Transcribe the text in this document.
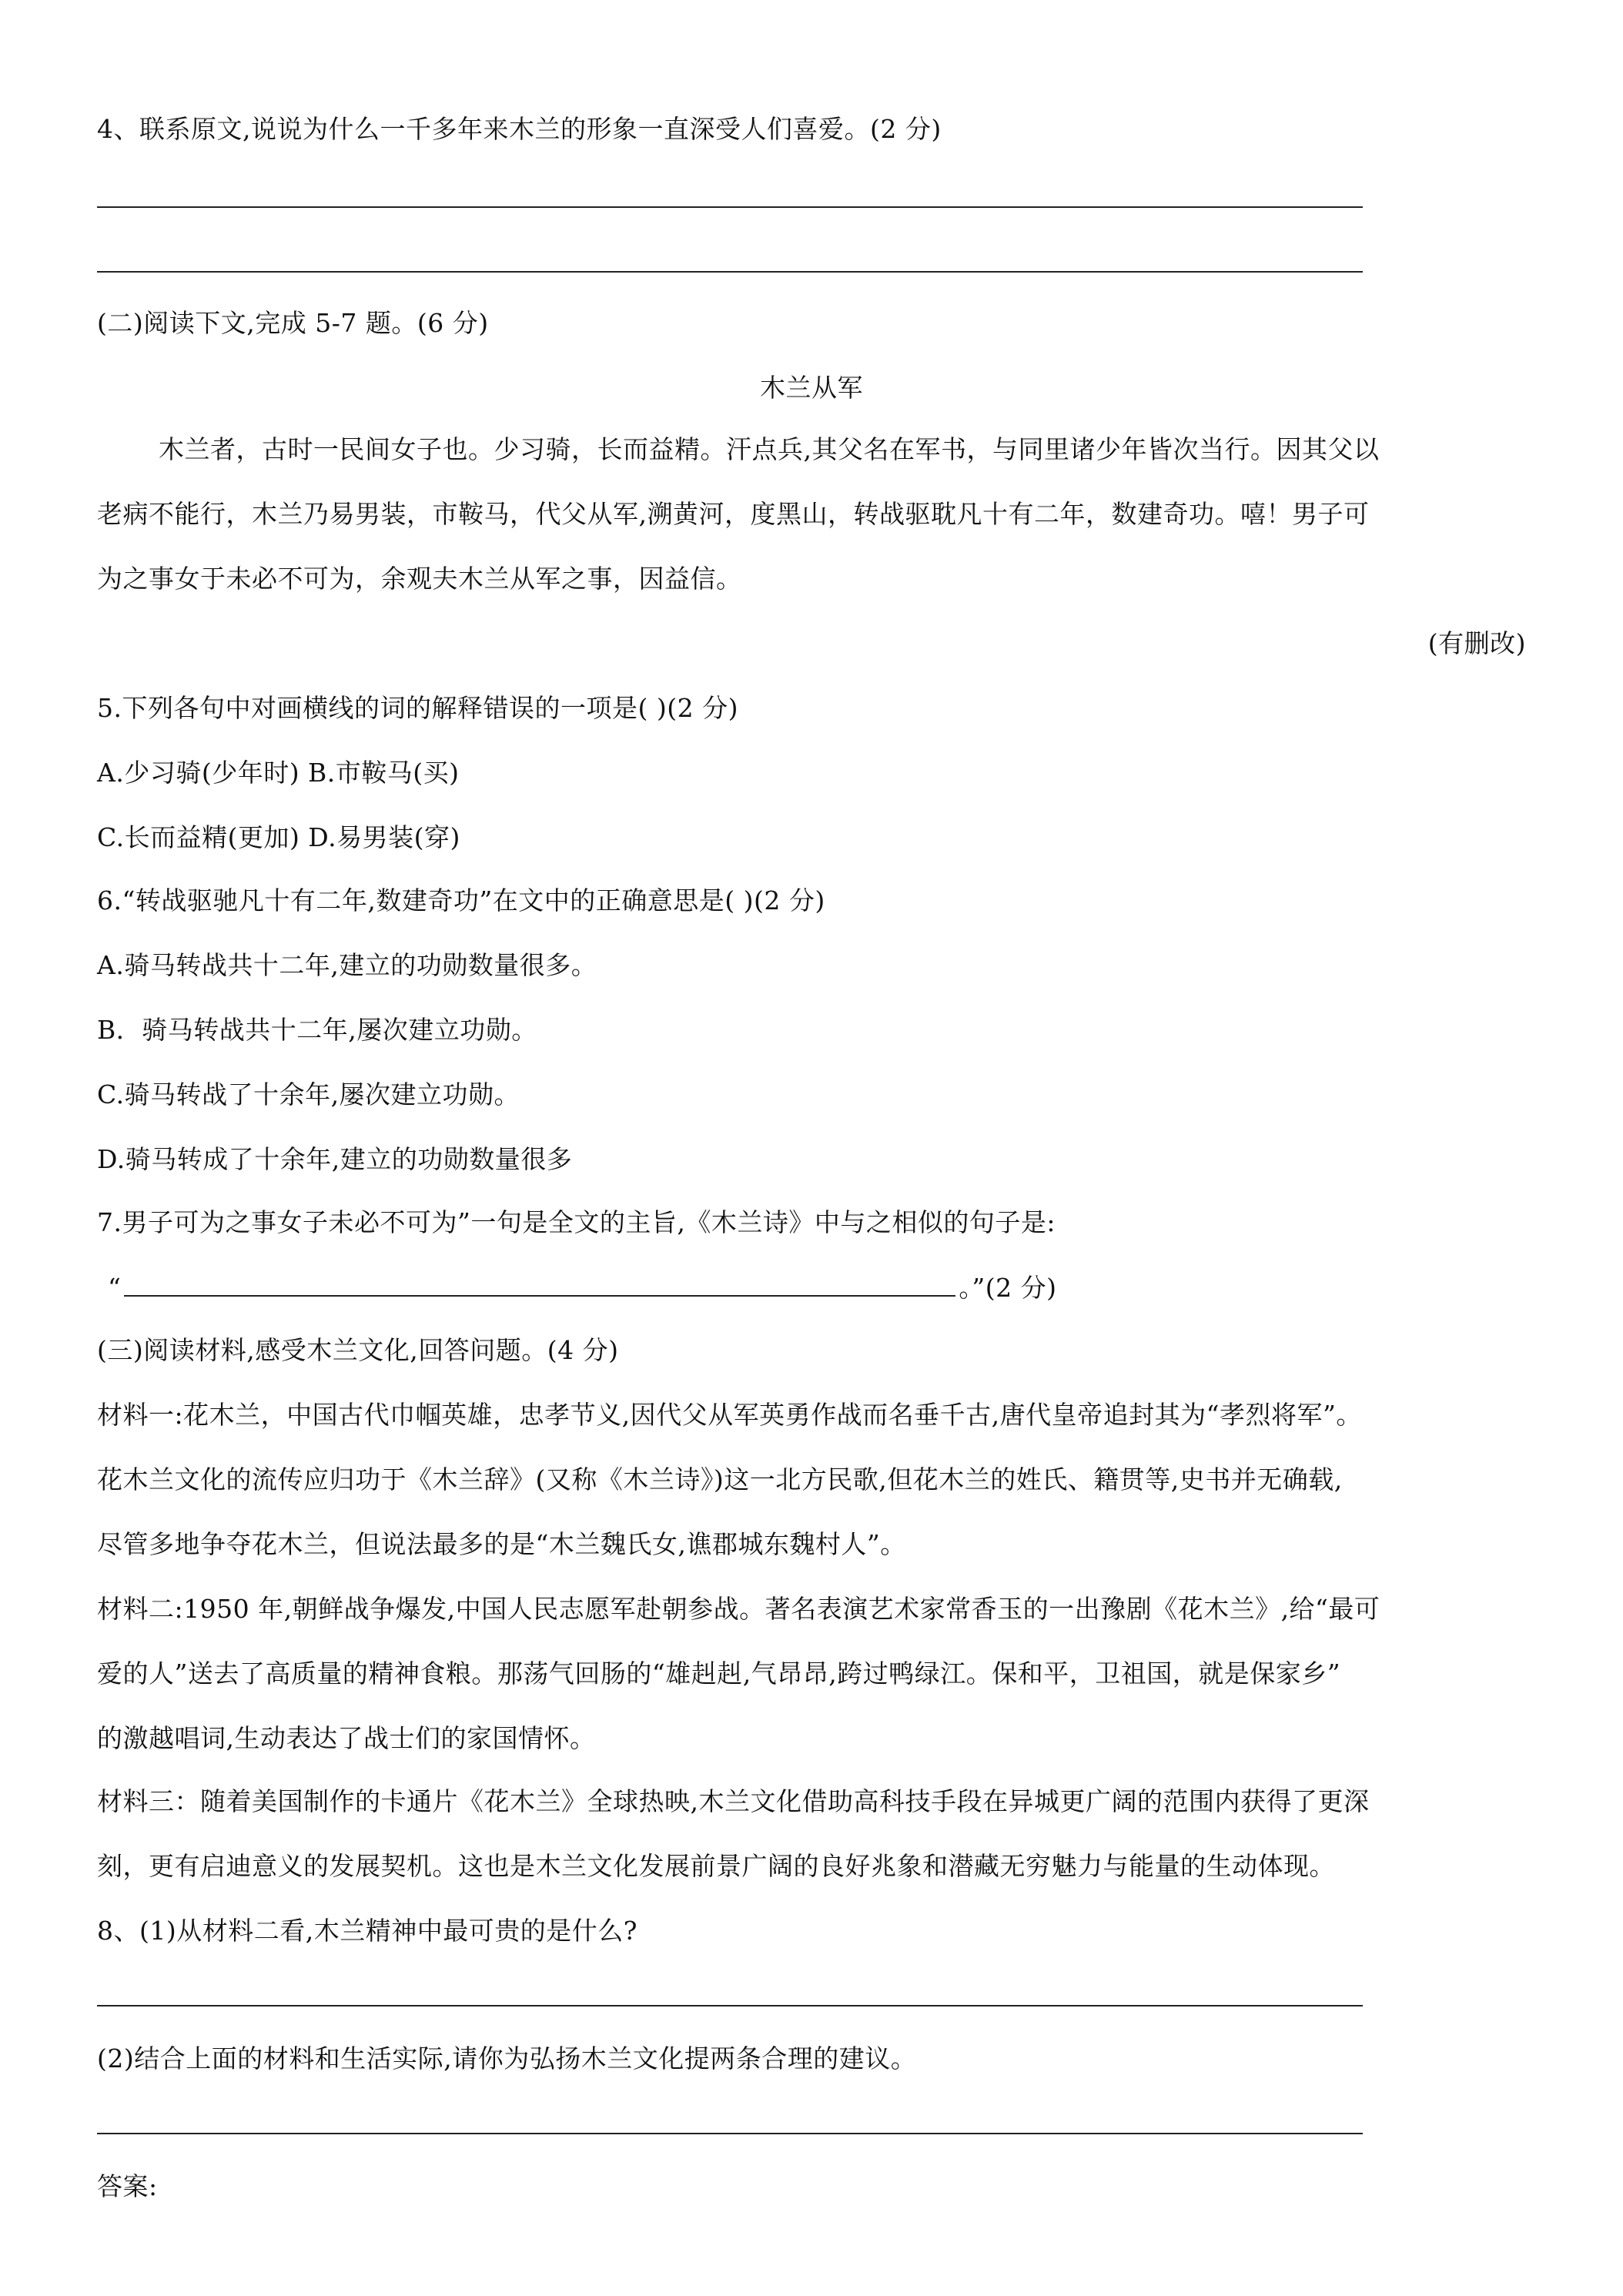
4、联系原文,说说为什么一千多年来木兰的形象一直深受人们喜爱。(2 分)
(二)阅读下文,完成 5-7 题。(6 分)
木兰从军
木兰者，古时一民间女子也。少习骑，长而益精。汗点兵,其父名在军书，与同里诸少年皆次当行。因其父以
老病不能行，木兰乃易男装，市鞍马，代父从军,溯黄河，度黑山，转战驱耽凡十有二年，数建奇功。嘻！男子可
为之事女于未必不可为，余观夫木兰从军之事，因益信。
(有删改)
5.下列各句中对画横线的词的解释错误的一项是( )(2 分)
A.少习骑(少年时) B.市鞍马(买)
C.长而益精(更加) D.易男装(穿)
6.“转战驱驰凡十有二年,数建奇功”在文中的正确意思是( )(2 分)
A.骑马转战共十二年,建立的功勋数量很多。
B．骑马转战共十二年,屡次建立功勋。
C.骑马转战了十余年,屡次建立功勋。
D.骑马转成了十余年,建立的功勋数量很多
7.男子可为之事女子未必不可为”一句是全文的主旨,《木兰诗》中与之相似的句子是:
“	。”(2 分)
(三)阅读材料,感受木兰文化,回答问题。(4 分)
材料一:花木兰，中国古代巾帼英雄，忠孝节义,因代父从军英勇作战而名垂千古,唐代皇帝追封其为“孝烈将军”。
花木兰文化的流传应归功于《木兰辞》(又称《木兰诗》)这一北方民歌,但花木兰的姓氏、籍贯等,史书并无确载,
尽管多地争夺花木兰，但说法最多的是“木兰魏氏女,谯郡城东魏村人”。
材料二:1950 年,朝鲜战争爆发,中国人民志愿军赴朝参战。著名表演艺术家常香玉的一出豫剧《花木兰》,给“最可
爱的人”送去了高质量的精神食粮。那荡气回肠的“雄赳赳,气昂昂,跨过鸭绿江。保和平，卫祖国，就是保家乡”
的激越唱词,生动表达了战士们的家国情怀。
材料三：随着美国制作的卡通片《花木兰》全球热映,木兰文化借助高科技手段在异城更广阔的范围内获得了更深
刻，更有启迪意义的发展契机。这也是木兰文化发展前景广阔的良好兆象和潜藏无穷魅力与能量的生动体现。
8、(1)从材料二看,木兰精神中最可贵的是什么?
(2)结合上面的材料和生活实际,请你为弘扬木兰文化提两条合理的建议。
答案:
